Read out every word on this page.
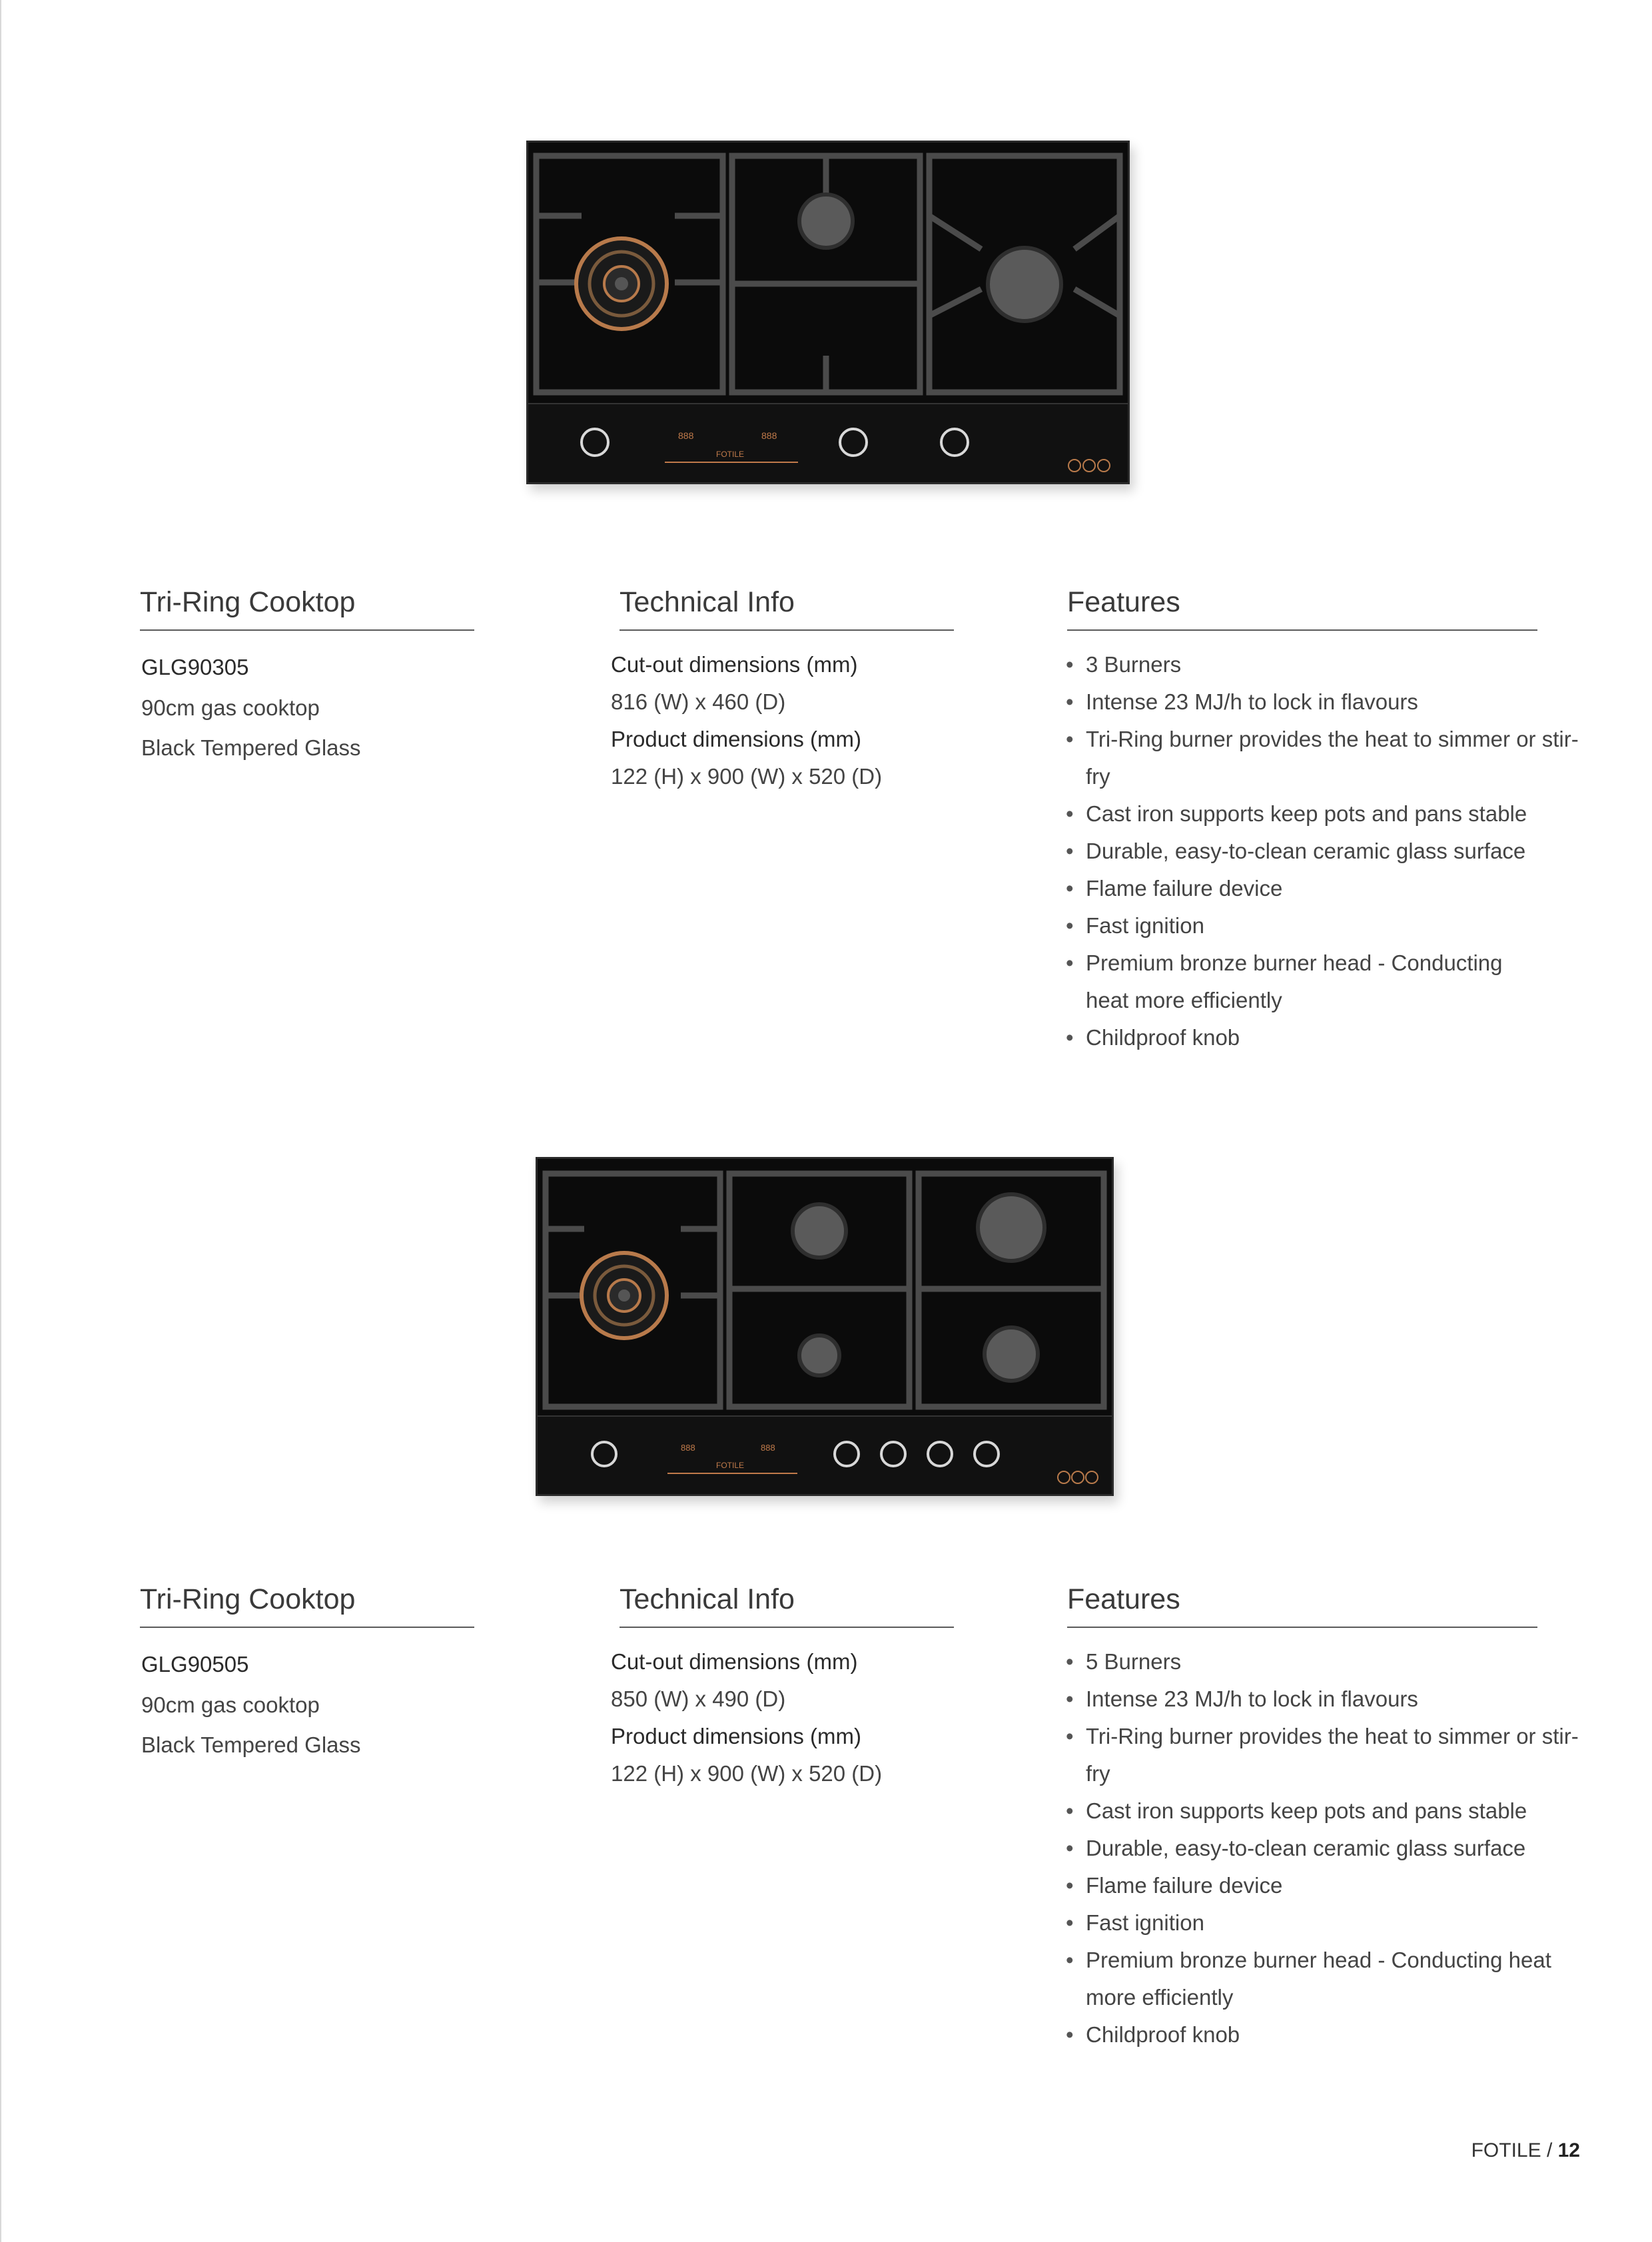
888	888
FOTILE
Tri-Ring Cooktop
GLG90305
90cm gas cooktop
Black Tempered Glass
Technical Info
Cut-out dimensions (mm)
816 (W) x 460 (D)
Product dimensions (mm)
122 (H) x 900 (W) x 520 (D)
Features
• 3 Burners
• Intense 23 MJ/h to lock in flavours
• Tri-Ring burner provides the heat to simmer or stir-fry
• Cast iron supports keep pots and pans stable
• Durable, easy-to-clean ceramic glass surface
• Flame failure device
• Fast ignition
• Premium bronze burner head - Conducting heat more efficiently
• Childproof knob
888	888
FOTILE
Tri-Ring Cooktop
GLG90505
90cm gas cooktop
Black Tempered Glass
Technical Info
Cut-out dimensions (mm)
850 (W) x 490 (D)
Product dimensions (mm)
122 (H) x 900 (W) x 520 (D)
Features
• 5 Burners
• Intense 23 MJ/h to lock in flavours
• Tri-Ring burner provides the heat to simmer or stir-fry
• Cast iron supports keep pots and pans stable
• Durable, easy-to-clean ceramic glass surface
• Flame failure device
• Fast ignition
• Premium bronze burner head - Conducting heat more efficiently
• Childproof knob
FOTILE / 12
